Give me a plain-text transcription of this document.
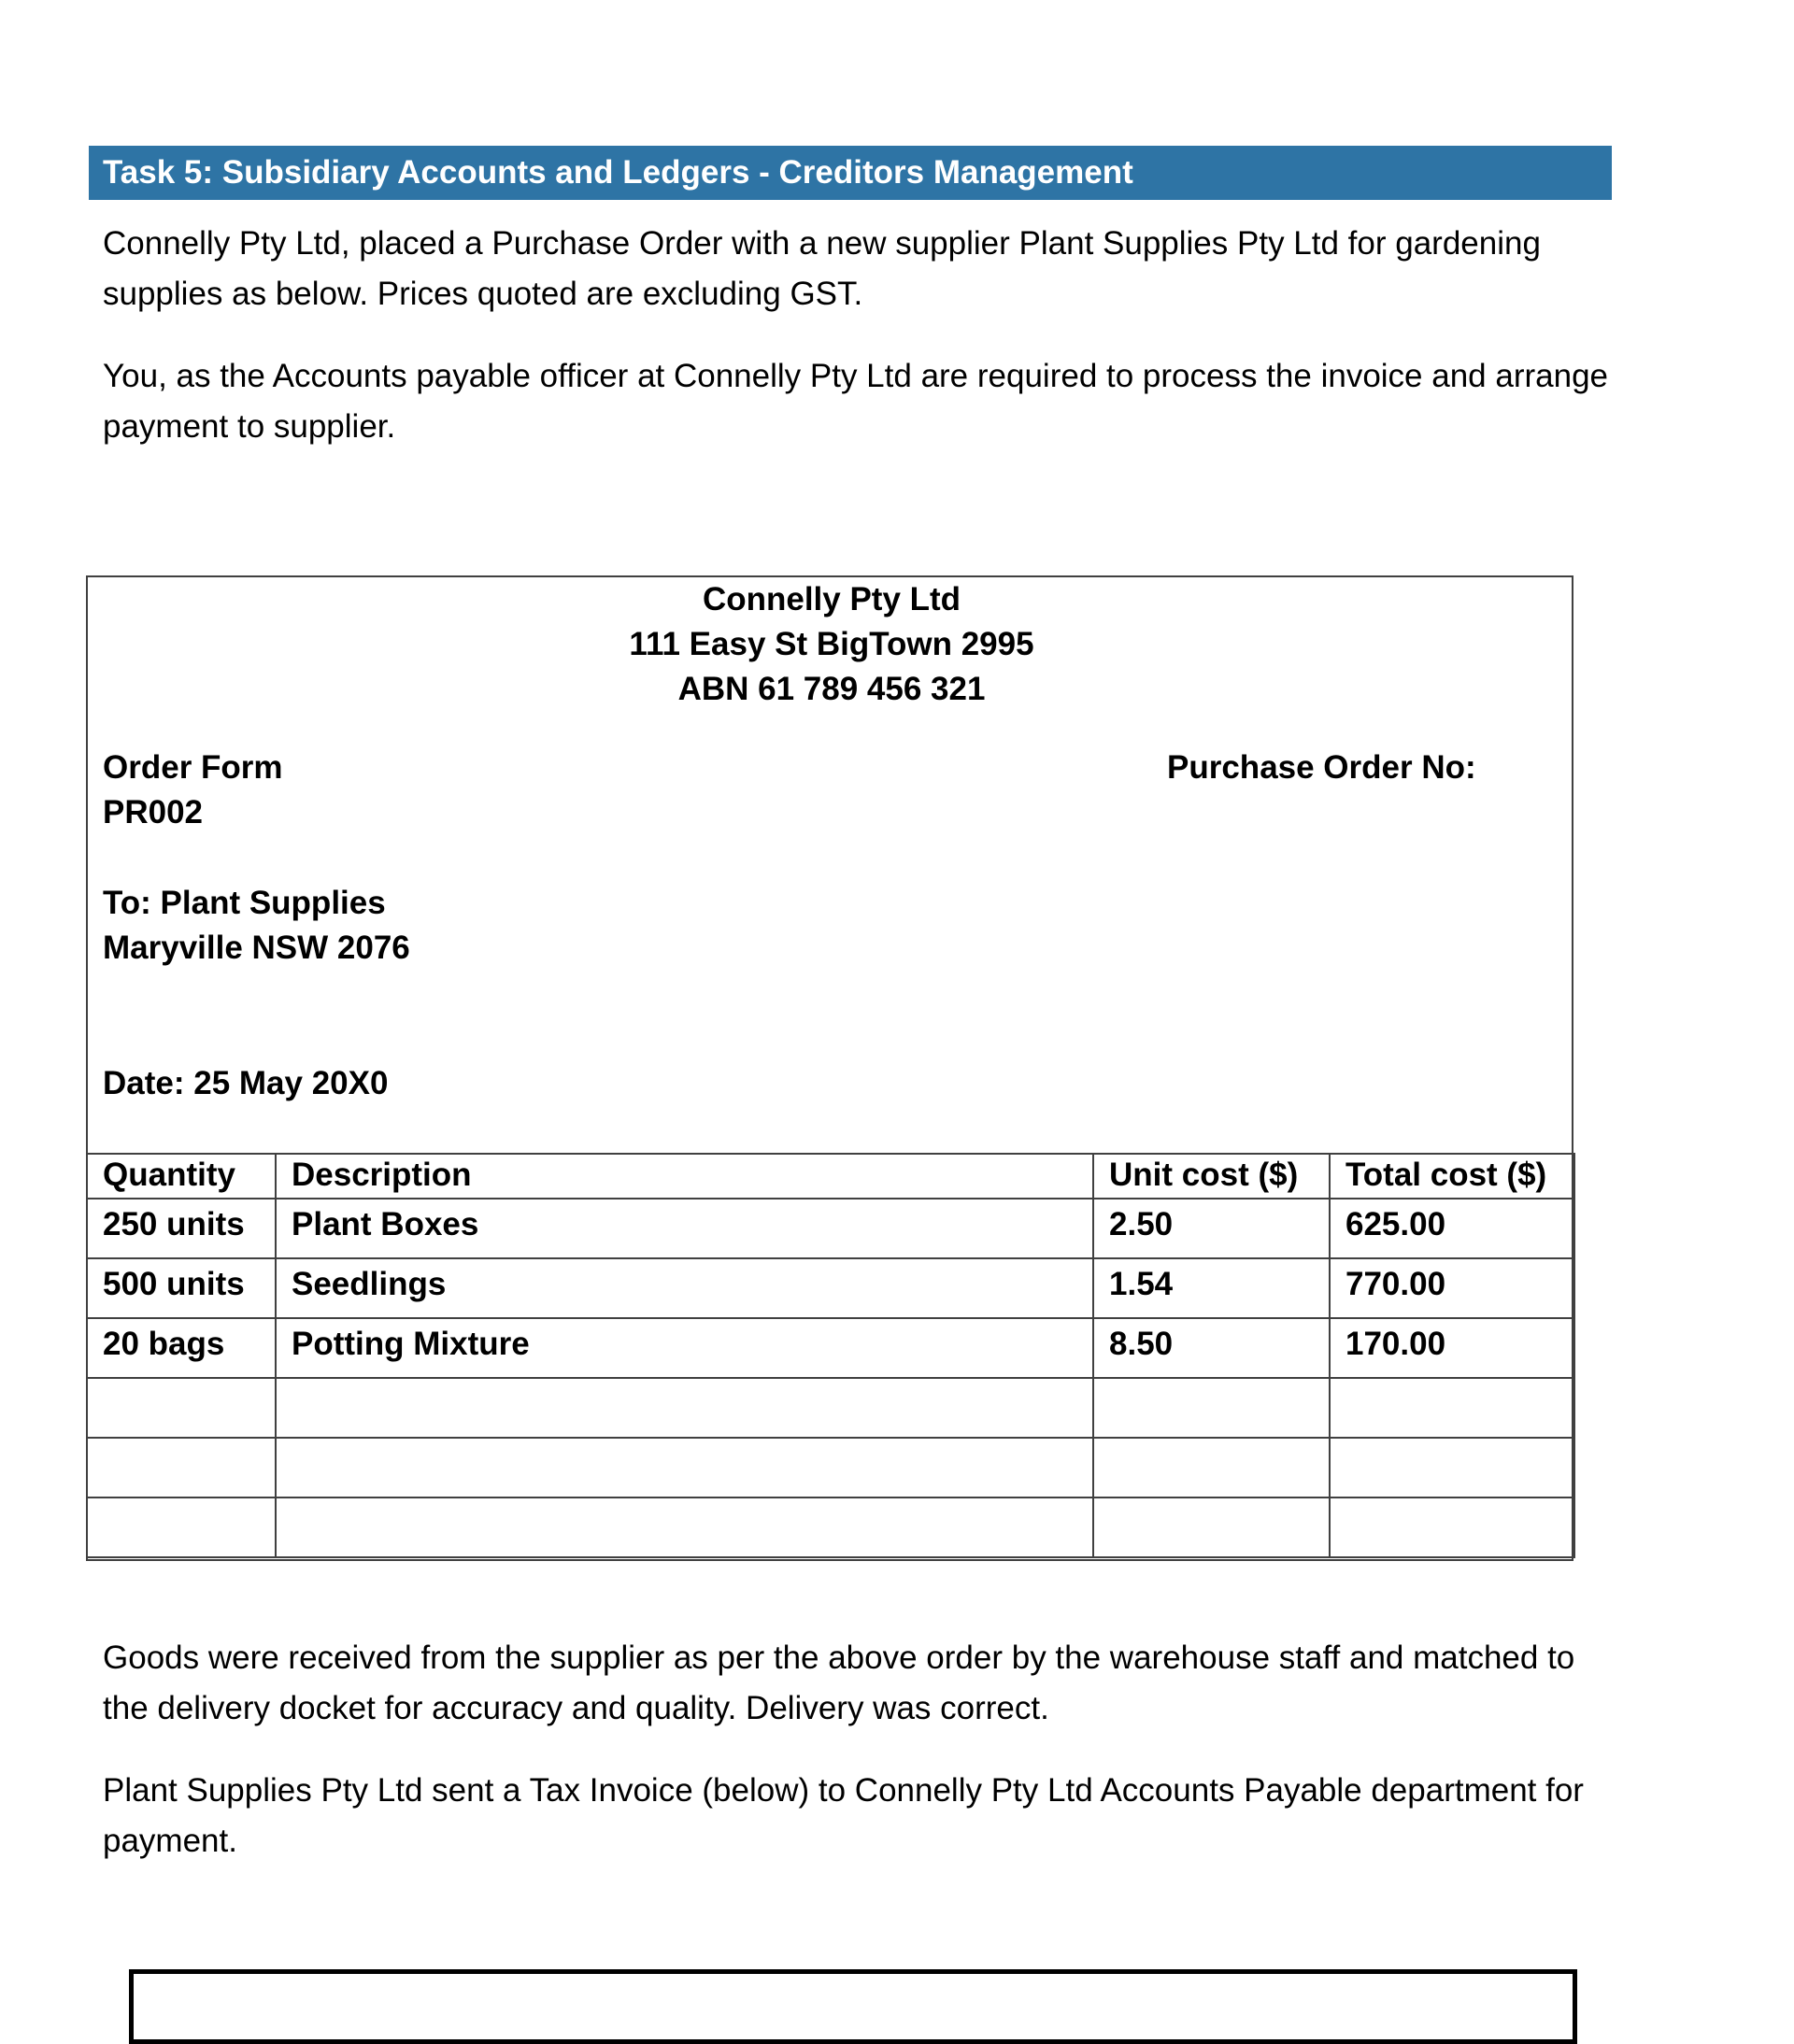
Task 5: Subsidiary Accounts and Ledgers - Creditors Management

Connelly Pty Ltd, placed a Purchase Order with a new supplier Plant Supplies Pty Ltd for gardening supplies as below. Prices quoted are excluding GST.

You, as the Accounts payable officer at Connelly Pty Ltd are required to process the invoice and arrange payment to supplier.

Connelly Pty Ltd
111 Easy St BigTown 2995
ABN 61 789 456 321
Order Form
PR002
Purchase Order No:
To: Plant Supplies
Maryville NSW 2076
Date: 25 May 20X0
Quantity	Description	Unit cost ($)	Total cost ($)
250 units	Plant Boxes	2.50	625.00
500 units	Seedlings	1.54	770.00
20 bags	Potting Mixture	8.50	170.00

Goods were received from the supplier as per the above order by the warehouse staff and matched to the delivery docket for accuracy and quality. Delivery was correct.

Plant Supplies Pty Ltd sent a Tax Invoice (below) to Connelly Pty Ltd Accounts Payable department for payment.
